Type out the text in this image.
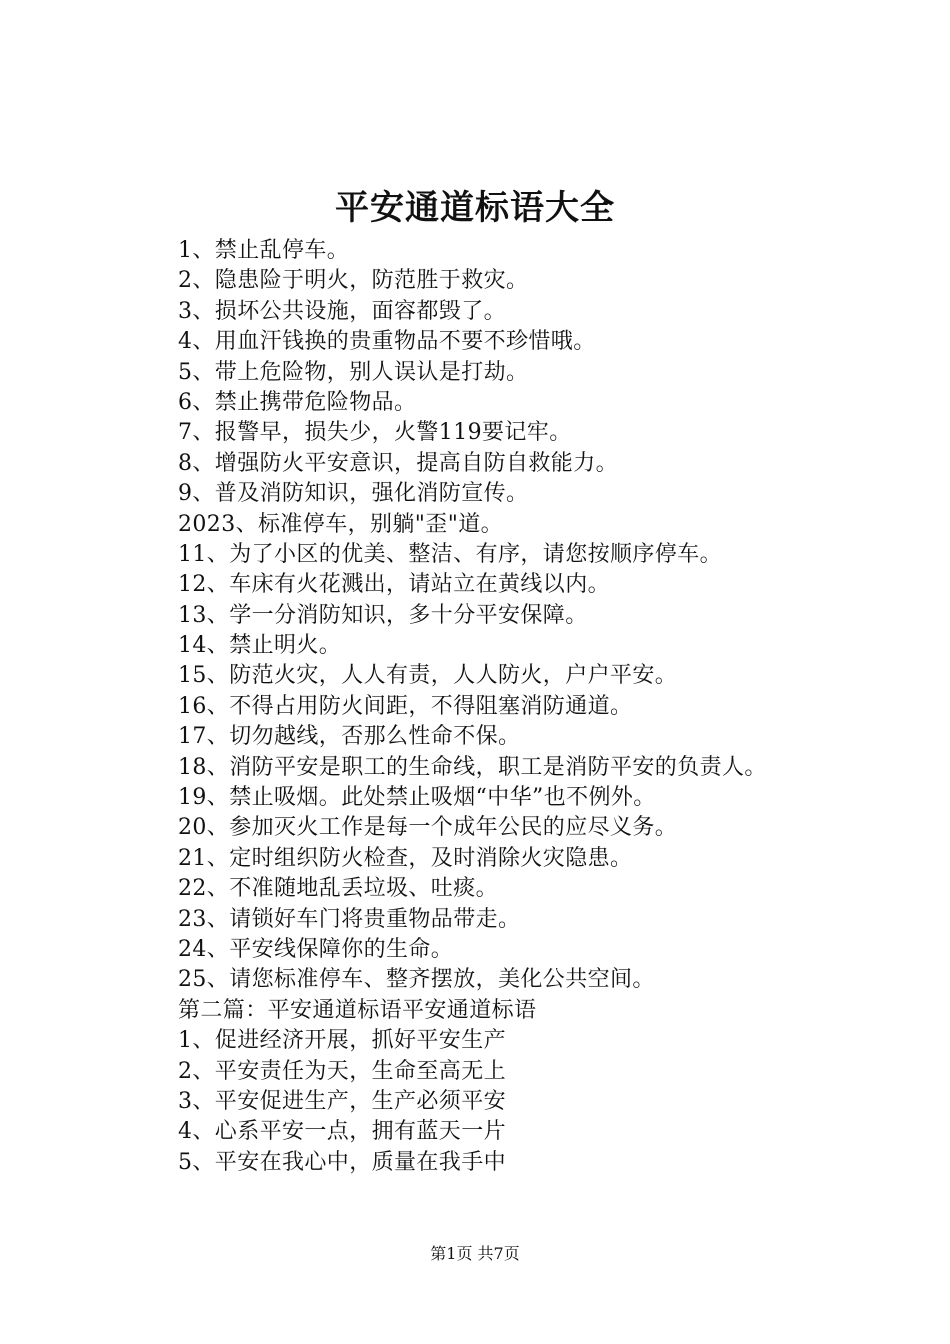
平安通道标语大全
1、禁止乱停车。
2、隐患险于明火，防范胜于救灾。
3、损坏公共设施，面容都毁了。
4、用血汗钱换的贵重物品不要不珍惜哦。
5、带上危险物，别人误认是打劫。
6、禁止携带危险物品。
7、报警早，损失少，火警119要记牢。
8、增强防火平安意识，提高自防自救能力。
9、普及消防知识，强化消防宣传。
2023、标准停车，别躺"歪"道。
11、为了小区的优美、整洁、有序，请您按顺序停车。
12、车床有火花溅出，请站立在黄线以内。
13、学一分消防知识，多十分平安保障。
14、禁止明火。
15、防范火灾，人人有责，人人防火，户户平安。
16、不得占用防火间距，不得阻塞消防通道。
17、切勿越线，否那么性命不保。
18、消防平安是职工的生命线，职工是消防平安的负责人。
19、禁止吸烟。此处禁止吸烟“中华”也不例外。
20、参加灭火工作是每一个成年公民的应尽义务。
21、定时组织防火检查，及时消除火灾隐患。
22、不准随地乱丢垃圾、吐痰。
23、请锁好车门将贵重物品带走。
24、平安线保障你的生命。
25、请您标准停车、整齐摆放，美化公共空间。
第二篇：平安通道标语平安通道标语
1、促进经济开展，抓好平安生产
2、平安责任为天，生命至高无上
3、平安促进生产，生产必须平安
4、心系平安一点，拥有蓝天一片
5、平安在我心中，质量在我手中
第1页 共7页
